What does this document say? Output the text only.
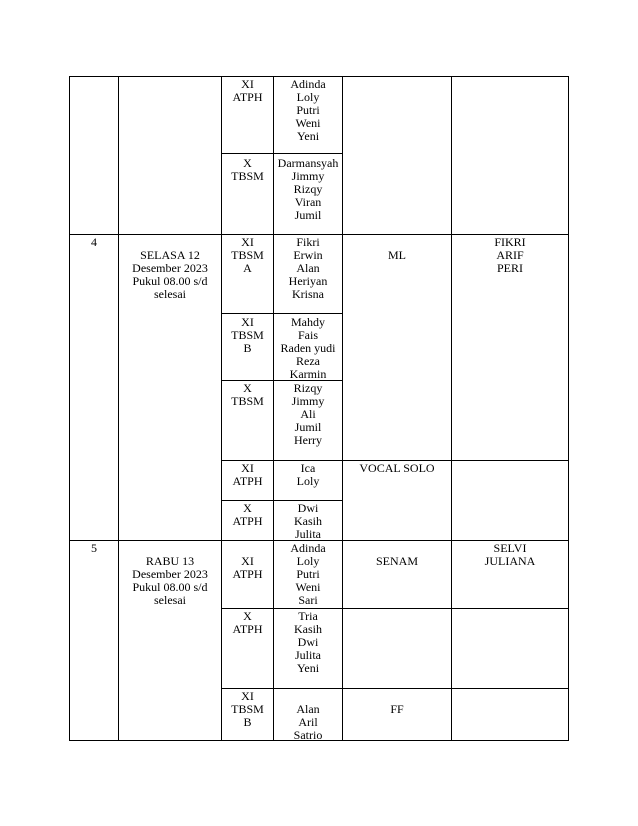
XI
ATPH
Adinda
Loly
Putri
Weni
Yeni
X
TBSM
Darmansyah
Jimmy
Rizqy
Viran
Jumil
4
SELASA 12
Desember 2023
Pukul 08.00 s/d
selesai
XI
TBSM
A
Fikri
Erwin
Alan
Heriyan
Krisna
XI
TBSM
B
Mahdy
Fais
Raden yudi
Reza
Karmin
X
TBSM
Rizqy
Jimmy
Ali
Jumil
Herry
XI
ATPH
Ica
Loly
X
ATPH
Dwi
Kasih
Julita
ML
FIKRI
ARIF
PERI
VOCAL SOLO
5
RABU 13
Desember 2023
Pukul 08.00 s/d
selesai
XI
ATPH
Adinda
Loly
Putri
Weni
Sari
X
ATPH
Tria
Kasih
Dwi
Julita
Yeni
XI
TBSM
B
Alan
Aril
Satrio
SENAM
SELVI
JULIANA
FF
